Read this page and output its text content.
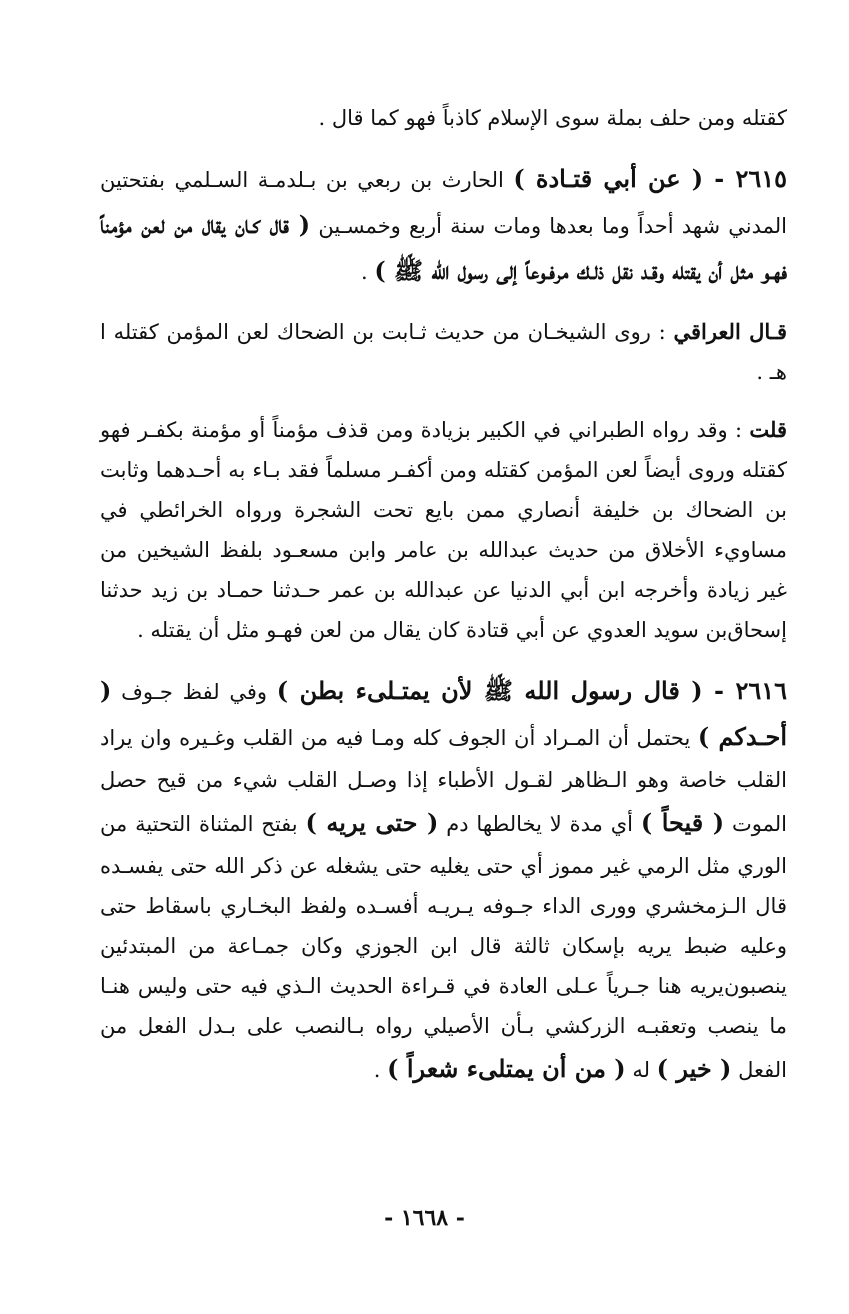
كقتله ومن حلف بملة سوى الإسلام كاذباً فهو كما قال .

٢٦١٥ - ( عن أبي قتـادة ) الحارث بن ربعي بن بـلدمـة السـلمي بفتحتين المدني شهد أحداً وما بعدها ومات سنة أربع وخمسـين ( قال كـان يقال من لعن مؤمناً فهـو مثل أن يقتله وقـد نقل ذلـك مرفـوعاً إلى رسول الله ﷺ ) .

قـال العراقي : روى الشيخـان من حديث ثـابت بن الضحاك لعن المؤمن كقتله ا هـ .

قلت : وقد رواه الطبراني في الكبير بزيادة ومن قذف مؤمناً أو مؤمنة بكفـر فهو كقتله وروى أيضاً لعن المؤمن كقتله ومن أكفـر مسلماً فقد بـاء به أحـدهما وثابت بن الضحاك بن خليفة أنصاري ممن بايع تحت الشجرة ورواه الخرائطي في مساويء الأخلاق من حديث عبدالله بن عامر وابن مسعـود بلفظ الشيخين من غير زيادة وأخرجه ابن أبي الدنيا عن عبدالله بن عمر حـدثنا حمـاد بن زيد حدثنا إسحاق‌بن سويد العدوي عن أبي قتادة كان يقال من لعن فهـو مثل أن يقتله .

٢٦١٦ - ( قال رسول الله ﷺ لأن يمتـلىء بطن ) وفي لفظ جـوف ( أحـدكم ) يحتمل أن المـراد أن الجوف كله ومـا فيه من القلب وغـيره وان يراد القلب خاصة وهو الـظاهر لقـول الأطباء إذا وصـل القلب شيء من قيح حصل الموت ( قيحاً ) أي مدة لا يخالطها دم ( حتى يريه ) بفتح المثناة التحتية من الوري مثل الرمي غير مموز أي حتى يغليه حتى يشغله عن ذكر الله حتى يفسـده قال الـزمخشري وورى الداء جـوفه يـريـه أفسـده ولفظ البخـاري باسقاط حتى وعليه ضبط يريه بإسكان ثالثة قال ابن الجوزي وكان جمـاعة من المبتدئين ينصبون‌يريه هنا جـرياً عـلى العادة في قـراءة الحديث الـذي فيه حتى وليس هنـا ما ينصب وتعقبـه الزركشي بـأن الأصيلي رواه بـالنصب على بـدل الفعل من الفعل ( خير ) له ( من أن يمتلىء شعراً ) .

- ١٦٦٨ -
